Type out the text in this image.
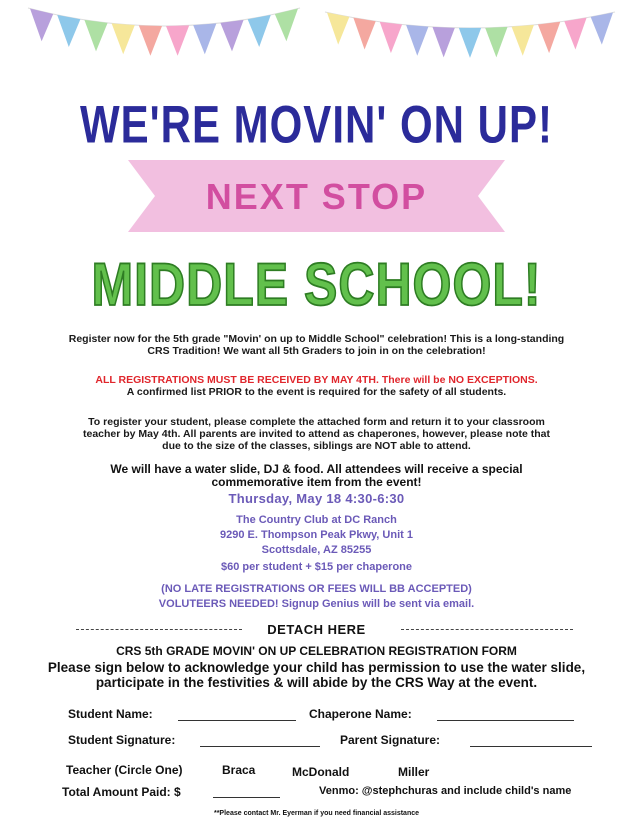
WE'RE MOVIN' ON UP!
NEXT STOP
MIDDLE SCHOOL!
Register now for the 5th grade "Movin' on up to Middle School" celebration! This is a long-standing
CRS Tradition! We want all 5th Graders to join in on the celebration!
ALL REGISTRATIONS MUST BE RECEIVED BY MAY 4TH. There will be NO EXCEPTIONS.
A confirmed list PRIOR to the event is required for the safety of all students.
To register your student, please complete the attached form and return it to your classroom
teacher by May 4th. All parents are invited to attend as chaperones, however, please note that
due to the size of the classes, siblings are NOT able to attend.
We will have a water slide, DJ & food. All attendees will receive a special
commemorative item from the event!
Thursday, May 18 4:30-6:30
The Country Club at DC Ranch
9290 E. Thompson Peak Pkwy, Unit 1
Scottsdale, AZ 85255
$60 per student + $15 per chaperone
(NO LATE REGISTRATIONS OR FEES WILL BB ACCEPTED)
VOLUTEERS NEEDED! Signup Genius will be sent via email.
DETACH HERE
CRS 5th GRADE MOVIN' ON UP CELEBRATION REGISTRATION FORM
Please sign below to acknowledge your child has permission to use the water slide,
participate in the festivities & will abide by the CRS Way at the event.
Student Name:	Chaperone Name:
Student Signature:	Parent Signature:
Teacher (Circle One)	Braca	McDonald	Miller
Total Amount Paid: $	Venmo: @stephchuras and include child's name
**Please contact Mr. Eyerman if you need financial assistance
